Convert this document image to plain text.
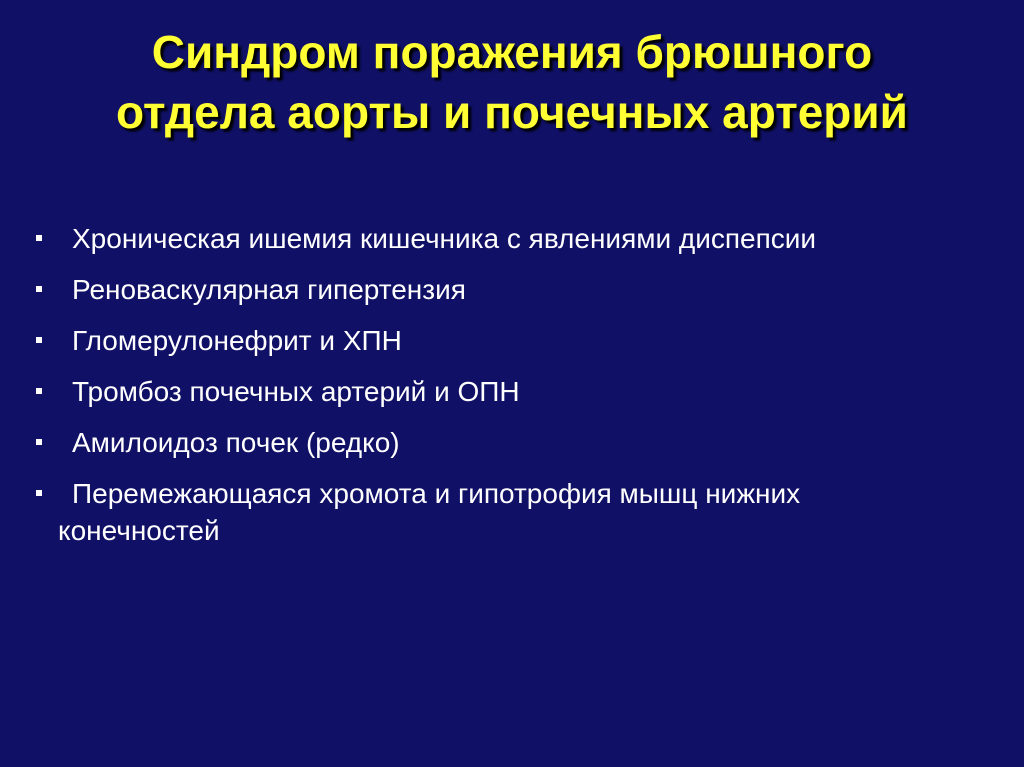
Синдром поражения брюшного
отдела аорты и почечных артерий
Хроническая ишемия кишечника с явлениями диспепсии
Реноваскулярная гипертензия
Гломерулонефрит и ХПН
Тромбоз почечных артерий и ОПН
Амилоидоз почек (редко)
Перемежающаяся хромота и гипотрофия мышц нижних
конечностей
